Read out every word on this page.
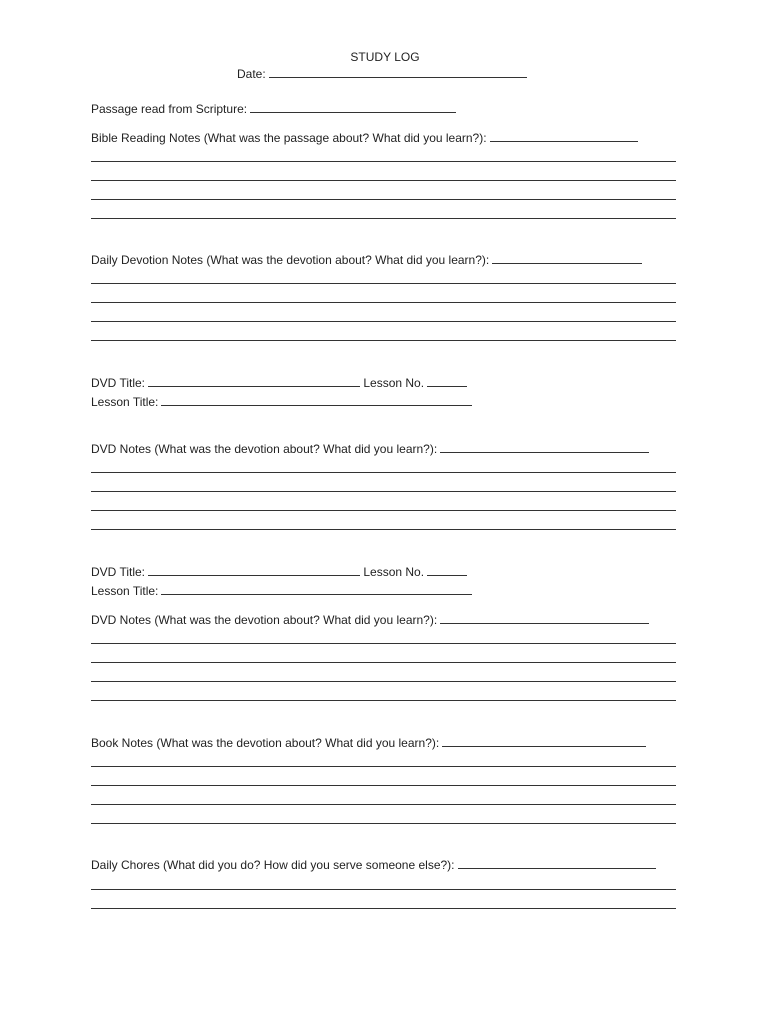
STUDY LOG
Date:
Passage read from Scripture:
Bible Reading Notes (What was the passage about? What did you learn?):
Daily Devotion Notes (What was the devotion about? What did you learn?):
DVD Title:	Lesson No.
Lesson Title:
DVD Notes (What was the devotion about? What did you learn?):
DVD Title:	Lesson No.
Lesson Title:
DVD Notes (What was the devotion about? What did you learn?):
Book Notes (What was the devotion about? What did you learn?):
Daily Chores (What did you do? How did you serve someone else?):
